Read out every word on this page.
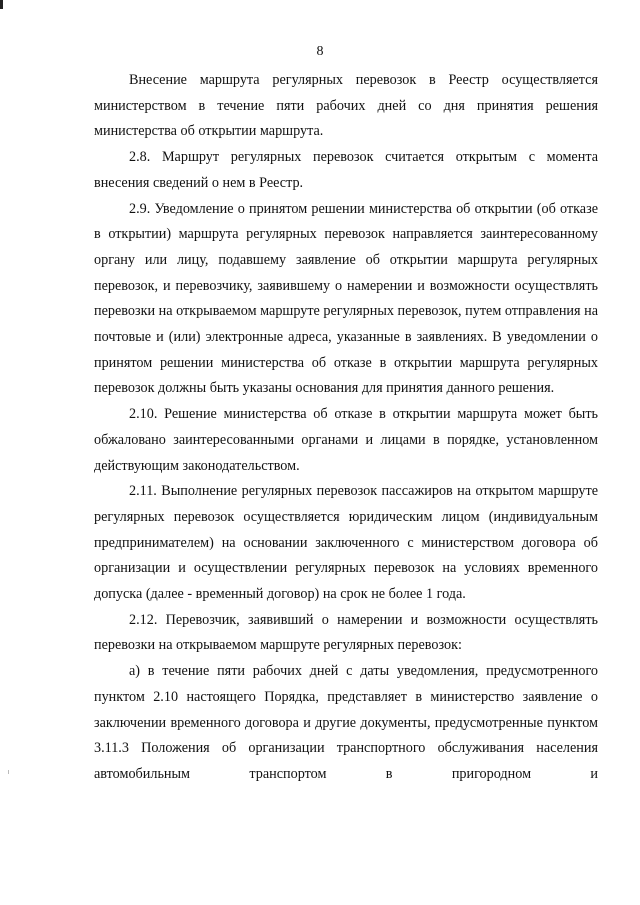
8

Внесение маршрута регулярных перевозок в Реестр осуществляется министерством в течение пяти рабочих дней со дня принятия решения министерства об открытии маршрута.

2.8. Маршрут регулярных перевозок считается открытым с момента внесения сведений о нем в Реестр.

2.9. Уведомление о принятом решении министерства об открытии (об отказе в открытии) маршрута регулярных перевозок направляется заинтересованному органу или лицу, подавшему заявление об открытии маршрута регулярных перевозок, и перевозчику, заявившему о намерении и возможности осуществлять перевозки на открываемом маршруте регулярных перевозок, путем отправления на почтовые и (или) электронные адреса, указанные в заявлениях. В уведомлении о принятом решении министерства об отказе в открытии маршрута регулярных перевозок должны быть указаны основания для принятия данного решения.

2.10. Решение министерства об отказе в открытии маршрута может быть обжаловано заинтересованными органами и лицами в порядке, установленном действующим законодательством.

2.11. Выполнение регулярных перевозок пассажиров на открытом маршруте регулярных перевозок осуществляется юридическим лицом (индивидуальным предпринимателем) на основании заключенного с министерством договора об организации и осуществлении регулярных перевозок на условиях временного допуска (далее - временный договор) на срок не более 1 года.

2.12. Перевозчик, заявивший о намерении и возможности осуществлять перевозки на открываемом маршруте регулярных перевозок:

а) в течение пяти рабочих дней с даты уведомления, предусмотренного пунктом 2.10 настоящего Порядка, представляет в министерство заявление о заключении временного договора и другие документы, предусмотренные пунктом 3.11.3 Положения об организации транспортного обслуживания населения автомобильным транспортом в пригородном и
